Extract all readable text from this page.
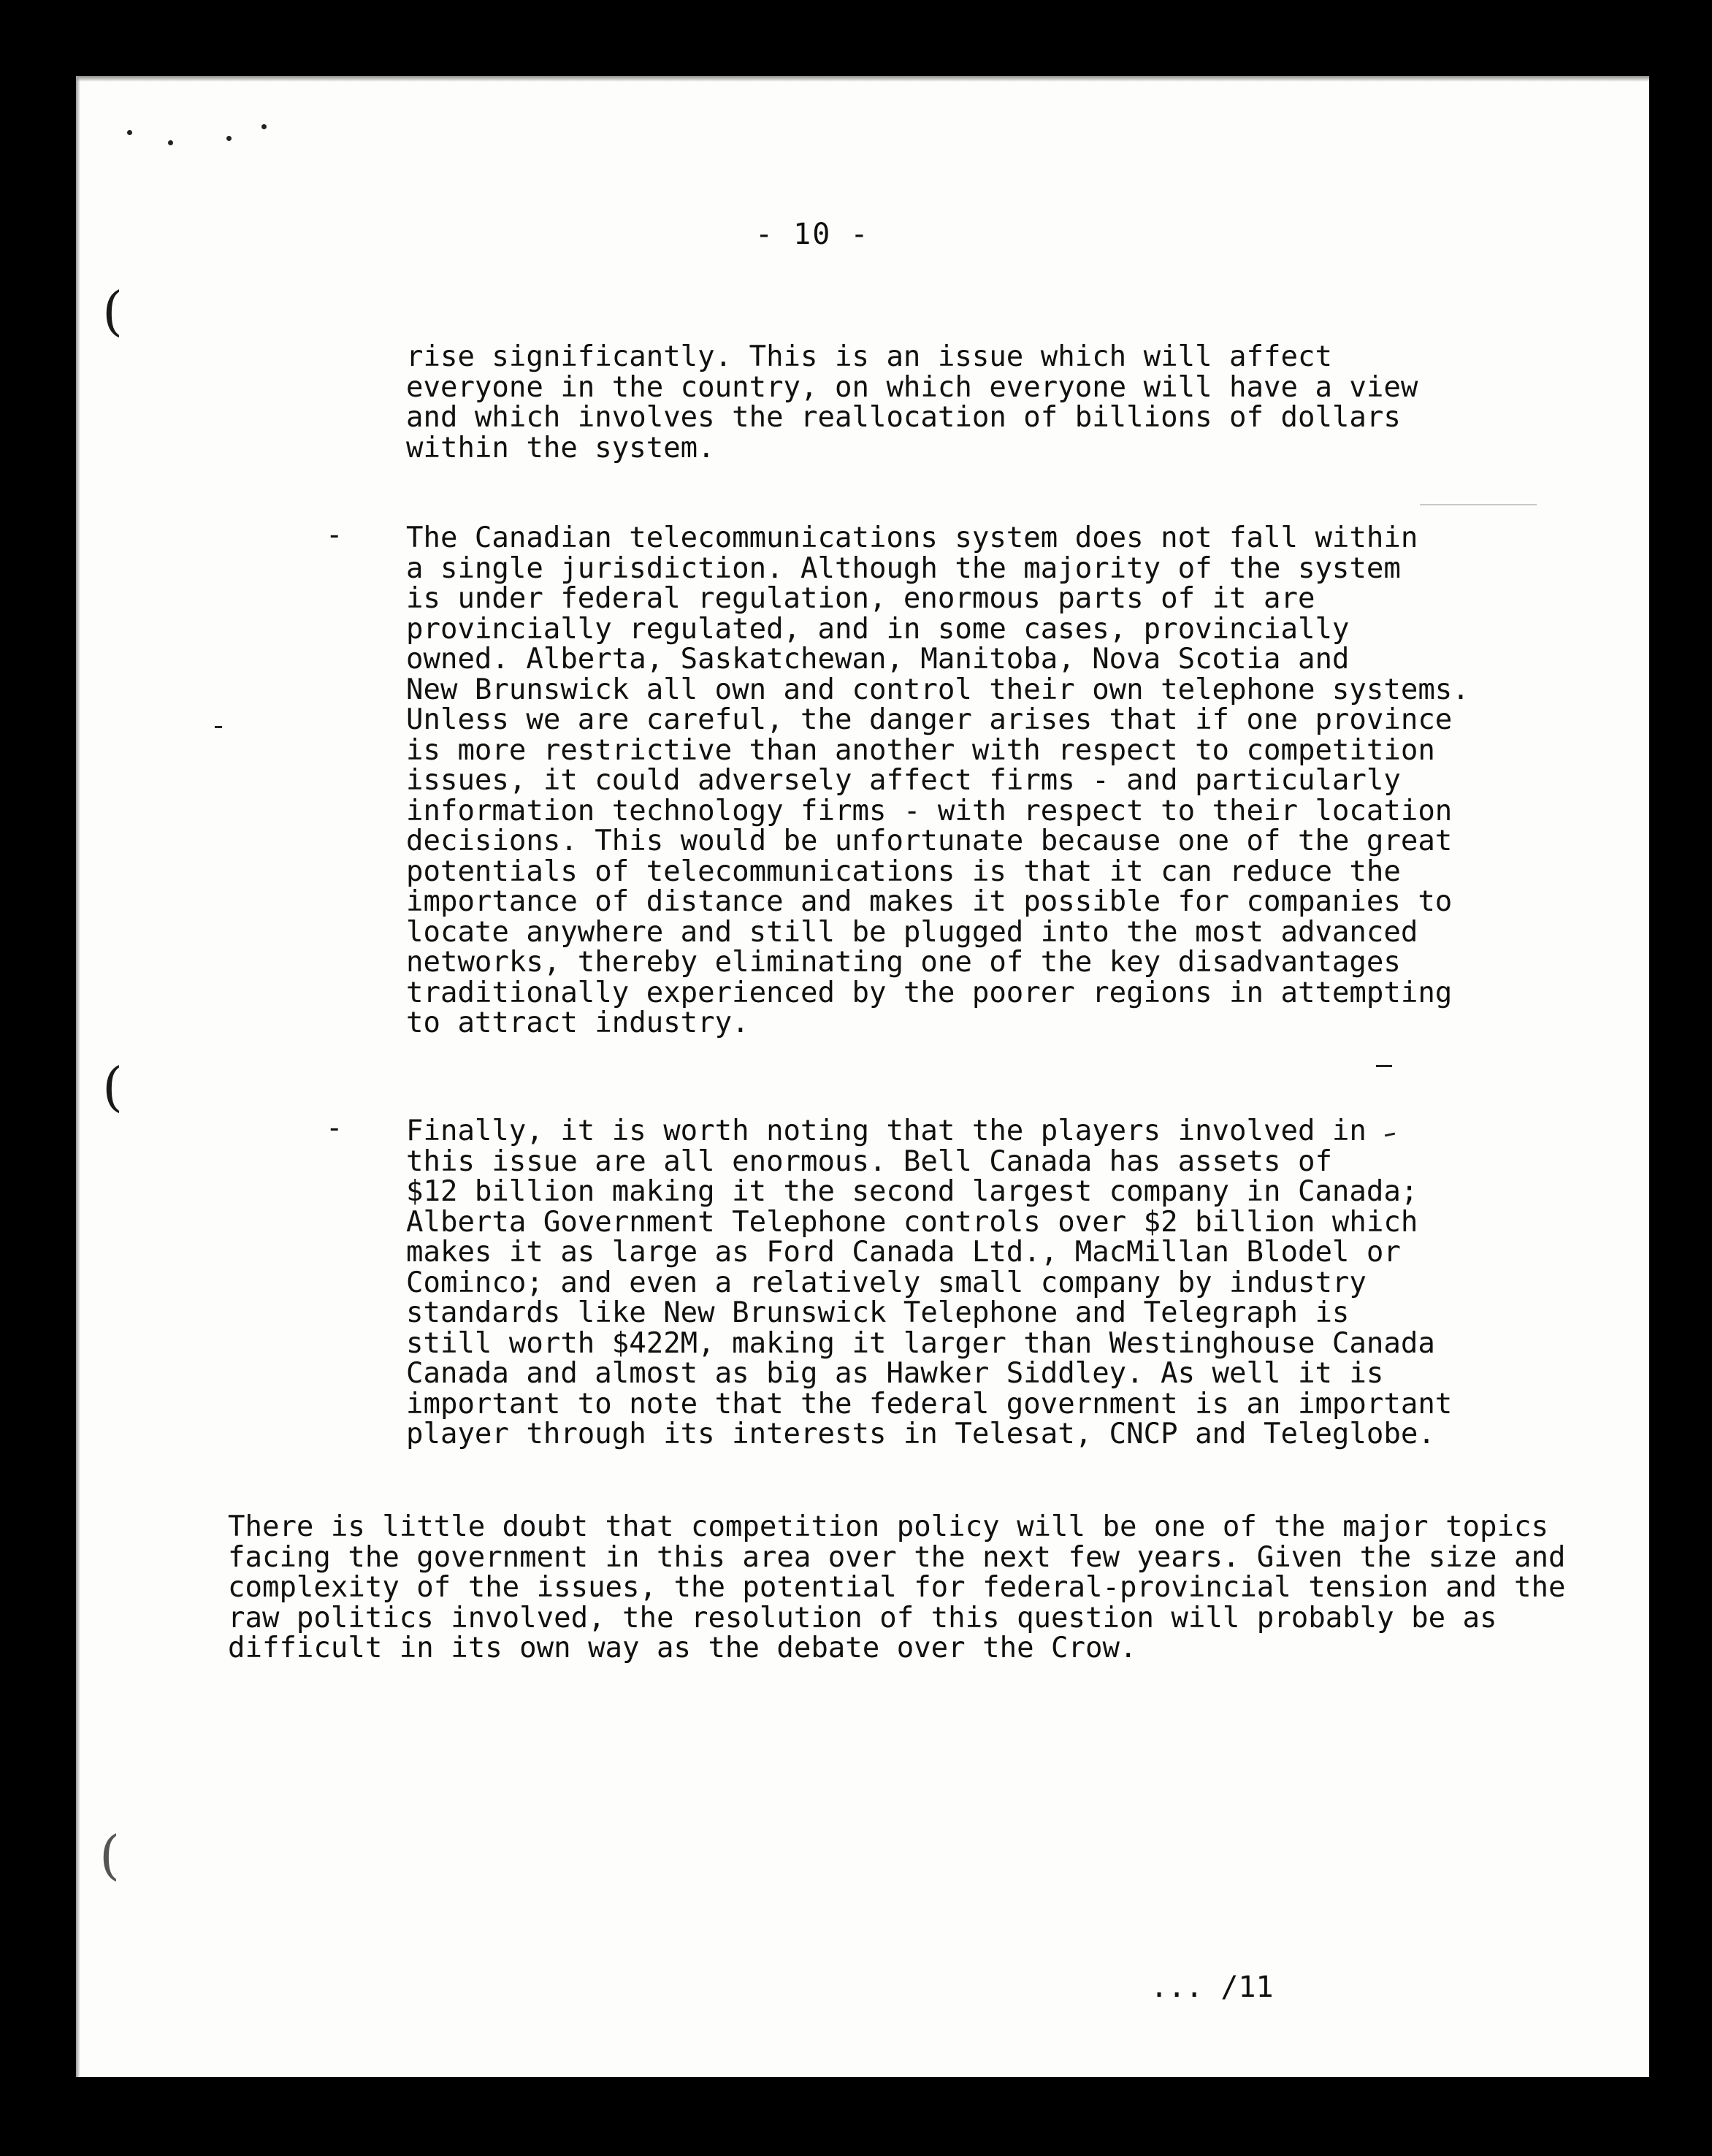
(
(
(
- 10 -
rise significantly. This is an issue which will affect
everyone in the country, on which everyone will have a view
and which involves the reallocation of billions of dollars
within the system.
- The Canadian telecommunications system does not fall within
a single jurisdiction. Although the majority of the system
is under federal regulation, enormous parts of it are
provincially regulated, and in some cases, provincially
owned. Alberta, Saskatchewan, Manitoba, Nova Scotia and
New Brunswick all own and control their own telephone systems.
Unless we are careful, the danger arises that if one province
is more restrictive than another with respect to competition
issues, it could adversely affect firms - and particularly
information technology firms - with respect to their location
decisions. This would be unfortunate because one of the great
potentials of telecommunications is that it can reduce the
importance of distance and makes it possible for companies to
locate anywhere and still be plugged into the most advanced
networks, thereby eliminating one of the key disadvantages
traditionally experienced by the poorer regions in attempting
to attract industry.
- Finally, it is worth noting that the players involved in
this issue are all enormous. Bell Canada has assets of
$12 billion making it the second largest company in Canada;
Alberta Government Telephone controls over $2 billion which
makes it as large as Ford Canada Ltd., MacMillan Blodel or
Cominco; and even a relatively small company by industry
standards like New Brunswick Telephone and Telegraph is
still worth $422M, making it larger than Westinghouse Canada
Canada and almost as big as Hawker Siddley. As well it is
important to note that the federal government is an important
player through its interests in Telesat, CNCP and Teleglobe.
There is little doubt that competition policy will be one of the major topics
facing the government in this area over the next few years. Given the size and
complexity of the issues, the potential for federal-provincial tension and the
raw politics involved, the resolution of this question will probably be as
difficult in its own way as the debate over the Crow.
... /11
